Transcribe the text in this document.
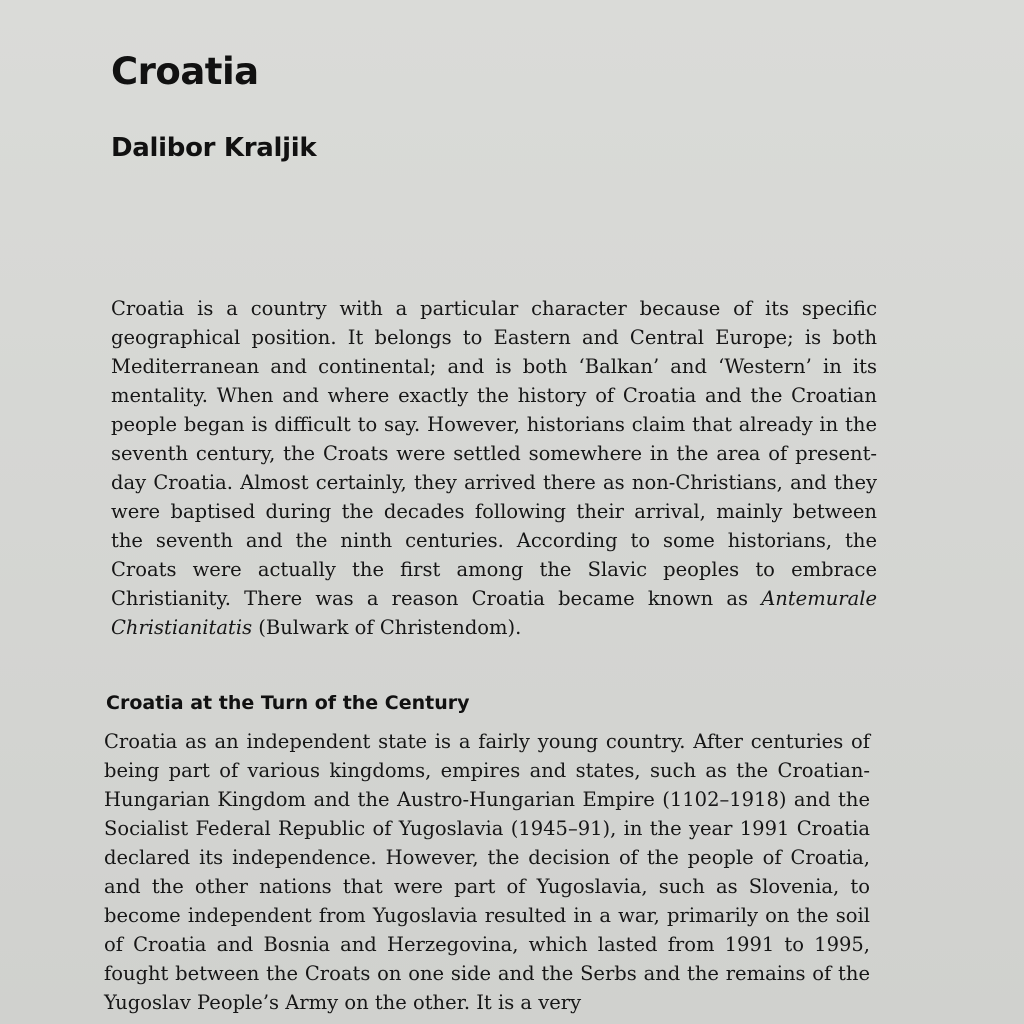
Croatia
Dalibor Kraljik

Croatia is a country with a particular character because of its specific geographical position. It belongs to Eastern and Central Europe; is both Mediterranean and continental; and is both ‘Balkan’ and ‘Western’ in its mentality. When and where exactly the history of Croatia and the Croatian people began is difficult to say. However, historians claim that already in the seventh century, the Croats were settled somewhere in the area of present-day Croatia. Almost certainly, they arrived there as non-Christians, and they were baptised during the decades following their arrival, mainly between the seventh and the ninth centuries. According to some historians, the Croats were actually the first among the Slavic peoples to embrace Christianity. There was a reason Croatia became known as Antemurale Christianitatis (Bulwark of Christendom).

Croatia at the Turn of the Century

Croatia as an independent state is a fairly young country. After centuries of being part of various kingdoms, empires and states, such as the Croatian-Hungarian Kingdom and the Austro-Hungarian Empire (1102–1918) and the Socialist Federal Republic of Yugoslavia (1945–91), in the year 1991 Croatia declared its independence. However, the decision of the people of Croatia, and the other nations that were part of Yugoslavia, such as Slovenia, to become independent from Yugoslavia resulted in a war, primarily on the soil of Croatia and Bosnia and Herzegovina, which lasted from 1991 to 1995, fought between the Croats on one side and the Serbs and the remains of the Yugoslav People’s Army on the other. It is a very
